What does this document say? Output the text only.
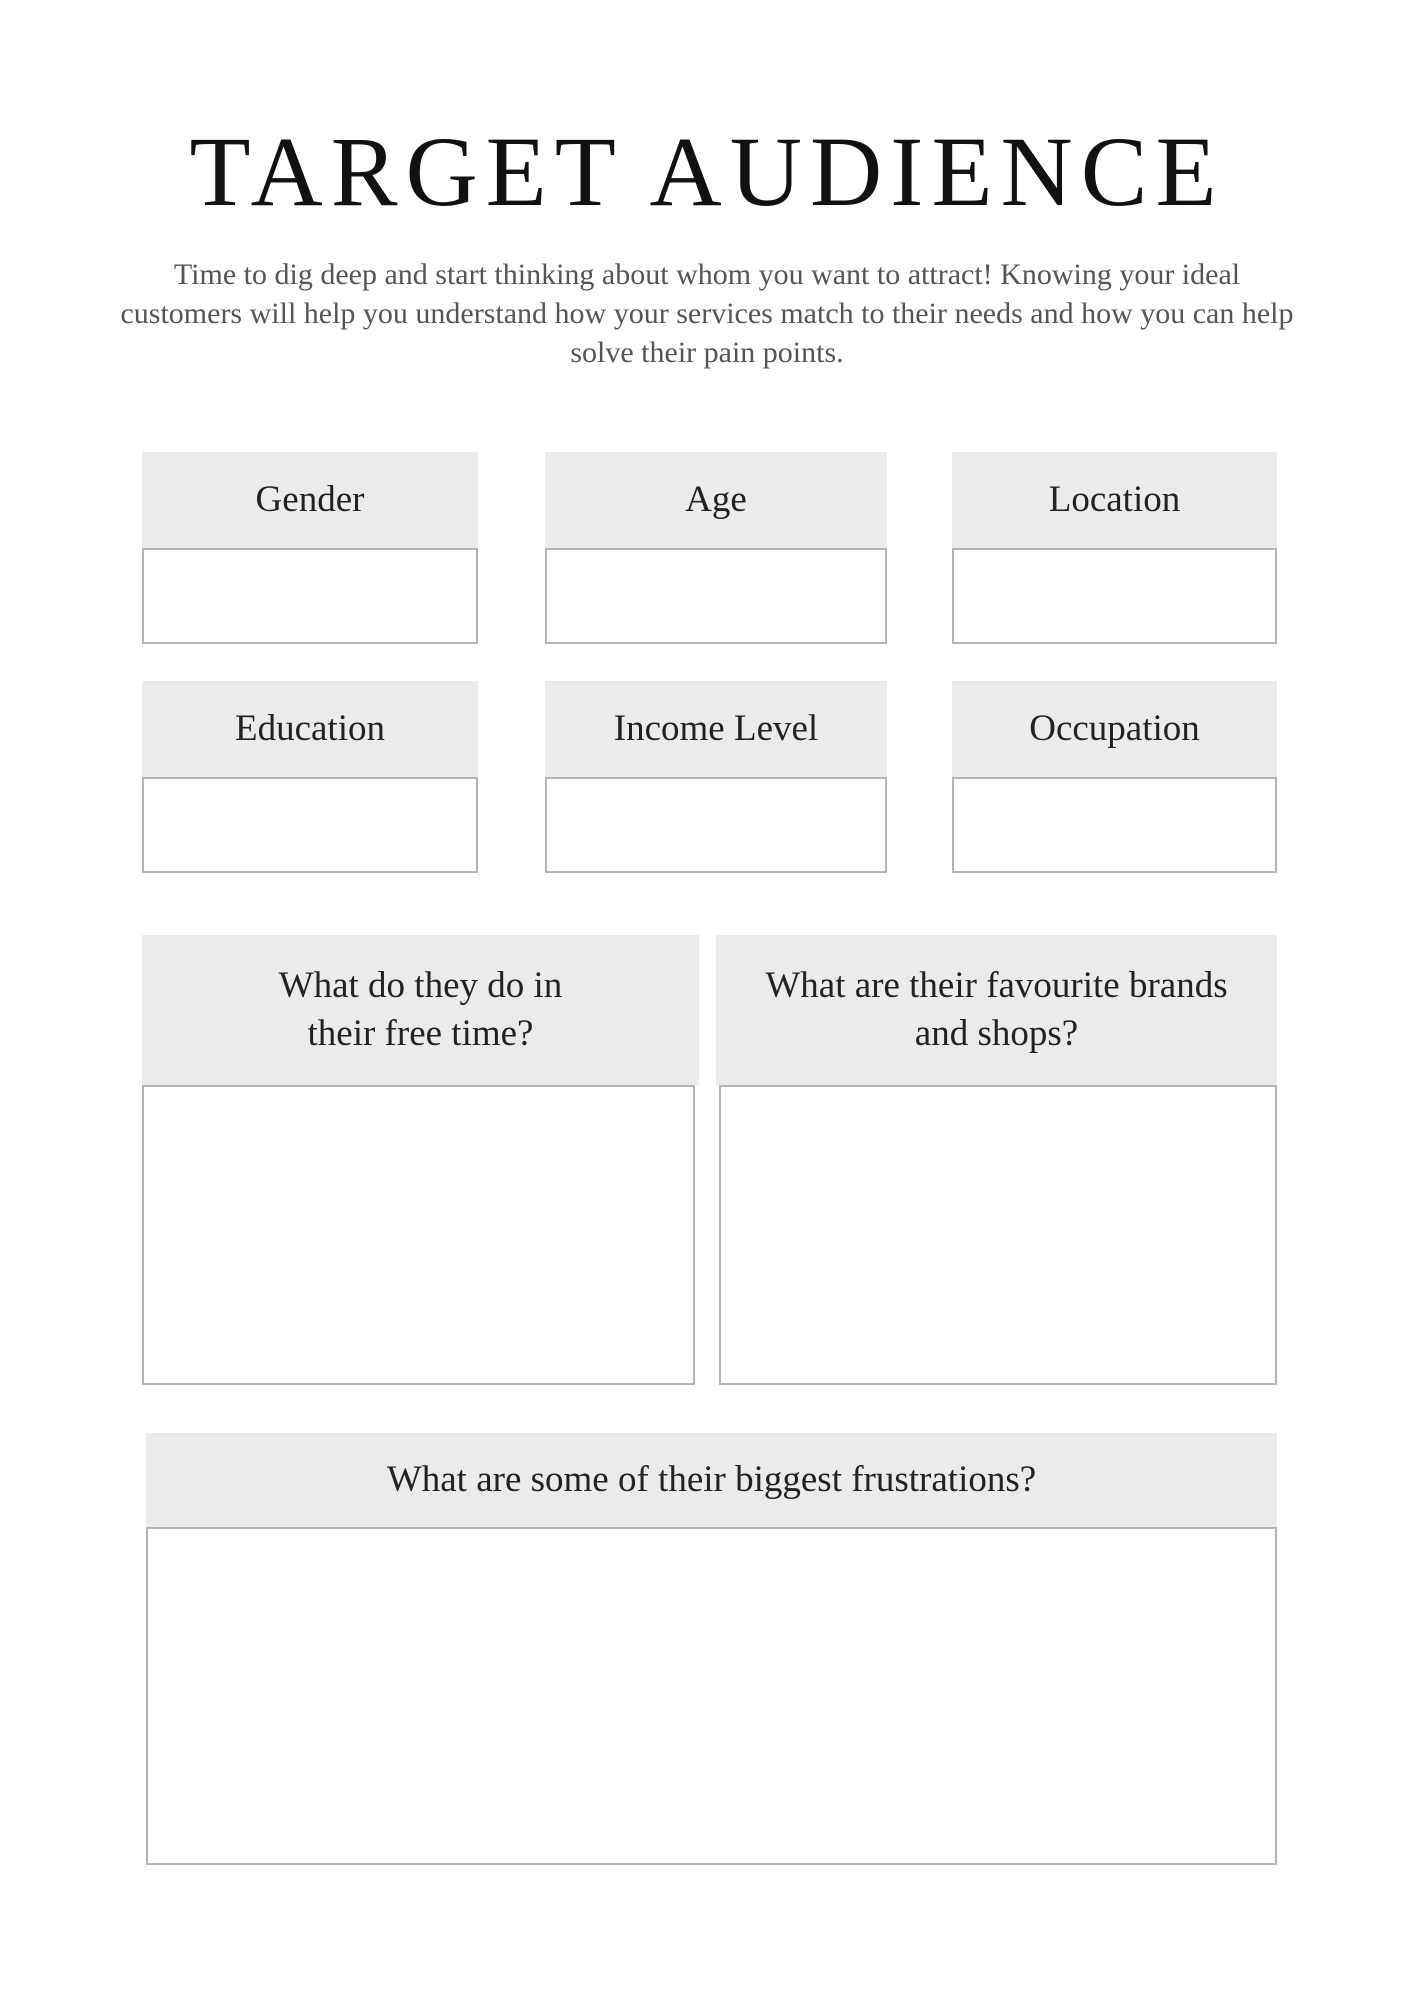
TARGET AUDIENCE

Time to dig deep and start thinking about whom you want to attract! Knowing your ideal customers will help you understand how your services match to their needs and how you can help solve their pain points.

Gender	Age	Location
Education	Income Level	Occupation
What do they do in
their free time?
What are their favourite brands
and shops?
What are some of their biggest frustrations?
